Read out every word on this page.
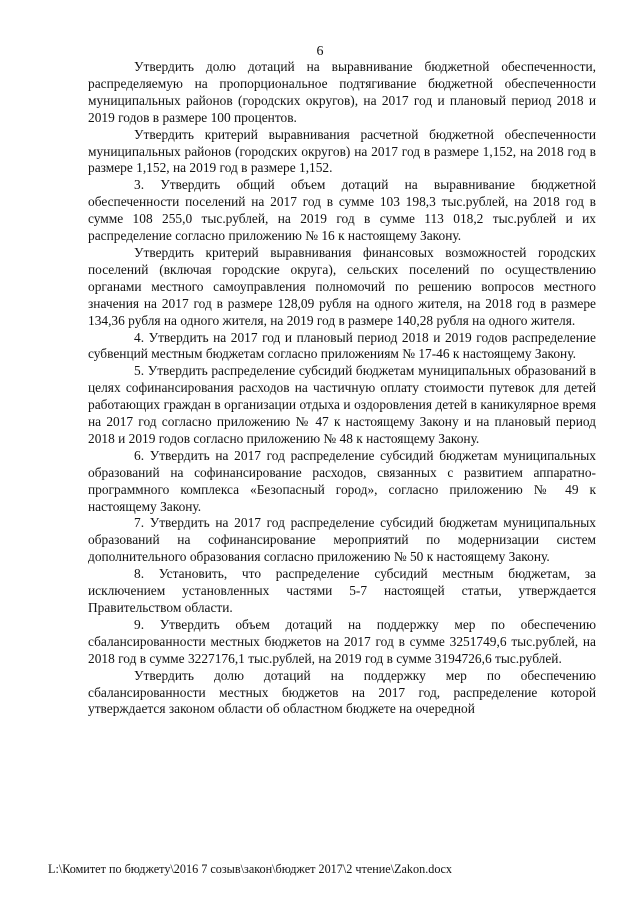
6

Утвердить долю дотаций на выравнивание бюджетной обеспеченности, распределяемую на пропорциональное подтягивание бюджетной обеспеченности муниципальных районов (городских округов), на 2017 год и плановый период 2018 и 2019 годов в размере 100 процентов.

Утвердить критерий выравнивания расчетной бюджетной обеспеченности муниципальных районов (городских округов) на 2017 год в размере 1,152, на 2018 год в размере 1,152, на 2019 год в размере 1,152.

3. Утвердить общий объем дотаций на выравнивание бюджетной обеспеченности поселений на 2017 год в сумме 103 198,3 тыс.рублей, на 2018 год в сумме 108 255,0 тыс.рублей, на 2019 год в сумме 113 018,2 тыс.рублей и их распределение согласно приложению № 16 к настоящему Закону.

Утвердить критерий выравнивания финансовых возможностей городских поселений (включая городские округа), сельских поселений по осуществлению органами местного самоуправления полномочий по решению вопросов местного значения на 2017 год в размере 128,09 рубля на одного жителя, на 2018 год в размере 134,36 рубля на одного жителя, на 2019 год в размере 140,28 рубля на одного жителя.

4. Утвердить на 2017 год и плановый период 2018 и 2019 годов распределение субвенций местным бюджетам согласно приложениям № 17-46 к настоящему Закону.

5. Утвердить распределение субсидий бюджетам муниципальных образований в целях софинансирования расходов на частичную оплату стоимости путевок для детей работающих граждан в организации отдыха и оздоровления детей в каникулярное время на 2017 год согласно приложению № 47 к настоящему Закону и на плановый период 2018 и 2019 годов согласно приложению № 48 к настоящему Закону.

6. Утвердить на 2017 год распределение субсидий бюджетам муниципальных образований на софинансирование расходов, связанных с развитием аппаратно-программного комплекса «Безопасный город», согласно приложению № 49 к настоящему Закону.

7. Утвердить на 2017 год распределение субсидий бюджетам муниципальных образований на софинансирование мероприятий по модернизации систем дополнительного образования согласно приложению № 50 к настоящему Закону.

8. Установить, что распределение субсидий местным бюджетам, за исключением установленных частями 5-7 настоящей статьи, утверждается Правительством области.

9. Утвердить объем дотаций на поддержку мер по обеспечению сбалансированности местных бюджетов на 2017 год в сумме 3251749,6 тыс.рублей, на 2018 год в сумме 3227176,1 тыс.рублей, на 2019 год в сумме 3194726,6 тыс.рублей.

Утвердить долю дотаций на поддержку мер по обеспечению сбалансированности местных бюджетов на 2017 год, распределение которой утверждается законом области об областном бюджете на очередной

L:\Комитет по бюджету\2016 7 созыв\закон\бюджет 2017\2 чтение\Zakon.docx
